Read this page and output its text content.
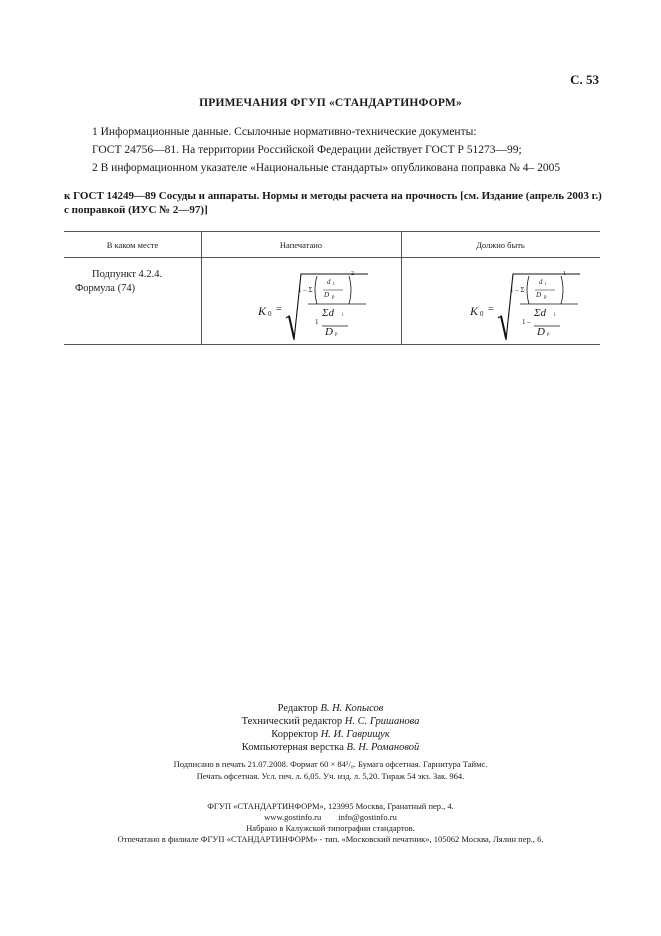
С. 53
ПРИМЕЧАНИЯ ФГУП «СТАНДАРТИНФОРМ»
1 Информационные данные. Ссылочные нормативно-технические документы:
ГОСТ 24756—81. На территории Российской Федерации действует ГОСТ Р 51273—99;
2 В информационном указателе «Национальные стандарты» опубликована поправка № 4– 2005
к ГОСТ 14249—89 Сосуды и аппараты. Нормы и методы расчета на прочность [см. Издание (апрель 2003 г.) с поправкой (ИУС № 2—97)]
В каком месте	Напечатано	Должно быть
Подпункт 4.2.4.
Формула (74)
K 0 =
1 – Σ
d i
D р
2
1
Σd i
D р
K 0 =
1 – Σ
d i
D р
1
1 –
Σd i
D р
Редактор В. Н. Копысов
Технический редактор Н. С. Гришанова
Корректор Н. И. Гаврищук
Компьютерная верстка В. Н. Романовой
Подписано в печать 21.07.2008. Формат 60 × 84¹/₈. Бумага офсетная. Гарнитура Таймс.
Печать офсетная. Усл. печ. л. 6,05. Уч. изд. л. 5,20. Тираж 54 экз. Зак. 964.
ФГУП «СТАНДАРТИНФОРМ», 123995 Москва, Гранатный пер., 4.
www.gostinfo.ru info@gostinfo.ru
Набрано в Калужской типографии стандартов.
Отпечатано в филиале ФГУП «СТАНДАРТИНФОРМ» - тип. «Московский печатник», 105062 Москва, Лялин пер., 6.
